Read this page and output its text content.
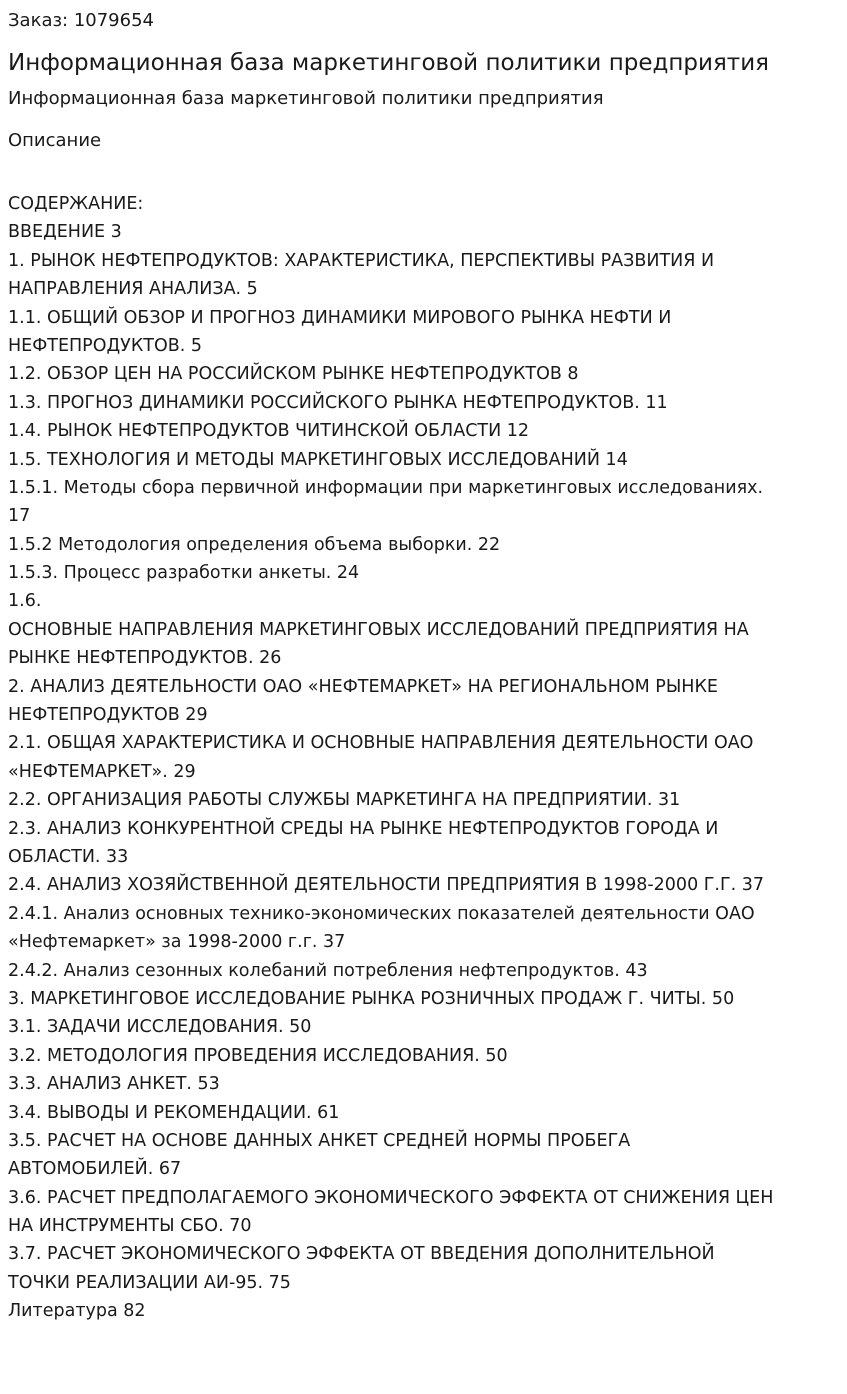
Заказ: 1079654
Информационная база маркетинговой политики предприятия
Информационная база маркетинговой политики предприятия
Описание
СОДЕРЖАНИЕ:
ВВЕДЕНИЕ 3
1. РЫНОК НЕФТЕПРОДУКТОВ: ХАРАКТЕРИСТИКА, ПЕРСПЕКТИВЫ РАЗВИТИЯ И
НАПРАВЛЕНИЯ АНАЛИЗА. 5
1.1. ОБЩИЙ ОБЗОР И ПРОГНОЗ ДИНАМИКИ МИРОВОГО РЫНКА НЕФТИ И
НЕФТЕПРОДУКТОВ. 5
1.2. ОБЗОР ЦЕН НА РОССИЙСКОМ РЫНКЕ НЕФТЕПРОДУКТОВ 8
1.3. ПРОГНОЗ ДИНАМИКИ РОССИЙСКОГО РЫНКА НЕФТЕПРОДУКТОВ. 11
1.4. РЫНОК НЕФТЕПРОДУКТОВ ЧИТИНСКОЙ ОБЛАСТИ 12
1.5. ТЕХНОЛОГИЯ И МЕТОДЫ МАРКЕТИНГОВЫХ ИССЛЕДОВАНИЙ 14
1.5.1. Методы сбора первичной информации при маркетинговых исследованиях.
17
1.5.2 Методология определения объема выборки. 22
1.5.3. Процесс разработки анкеты. 24
1.6.
ОСНОВНЫЕ НАПРАВЛЕНИЯ МАРКЕТИНГОВЫХ ИССЛЕДОВАНИЙ ПРЕДПРИЯТИЯ НА
РЫНКЕ НЕФТЕПРОДУКТОВ. 26
2. АНАЛИЗ ДЕЯТЕЛЬНОСТИ ОАО «НЕФТЕМАРКЕТ» НА РЕГИОНАЛЬНОМ РЫНКЕ
НЕФТЕПРОДУКТОВ 29
2.1. ОБЩАЯ ХАРАКТЕРИСТИКА И ОСНОВНЫЕ НАПРАВЛЕНИЯ ДЕЯТЕЛЬНОСТИ ОАО
«НЕФТЕМАРКЕТ». 29
2.2. ОРГАНИЗАЦИЯ РАБОТЫ СЛУЖБЫ МАРКЕТИНГА НА ПРЕДПРИЯТИИ. 31
2.3. АНАЛИЗ КОНКУРЕНТНОЙ СРЕДЫ НА РЫНКЕ НЕФТЕПРОДУКТОВ ГОРОДА И
ОБЛАСТИ. 33
2.4. АНАЛИЗ ХОЗЯЙСТВЕННОЙ ДЕЯТЕЛЬНОСТИ ПРЕДПРИЯТИЯ В 1998-2000 Г.Г. 37
2.4.1. Анализ основных технико-экономических показателей деятельности ОАО
«Нефтемаркет» за 1998-2000 г.г. 37
2.4.2. Анализ сезонных колебаний потребления нефтепродуктов. 43
3. МАРКЕТИНГОВОЕ ИССЛЕДОВАНИЕ РЫНКА РОЗНИЧНЫХ ПРОДАЖ Г. ЧИТЫ. 50
3.1. ЗАДАЧИ ИССЛЕДОВАНИЯ. 50
3.2. МЕТОДОЛОГИЯ ПРОВЕДЕНИЯ ИССЛЕДОВАНИЯ. 50
3.3. АНАЛИЗ АНКЕТ. 53
3.4. ВЫВОДЫ И РЕКОМЕНДАЦИИ. 61
3.5. РАСЧЕТ НА ОСНОВЕ ДАННЫХ АНКЕТ СРЕДНЕЙ НОРМЫ ПРОБЕГА
АВТОМОБИЛЕЙ. 67
3.6. РАСЧЕТ ПРЕДПОЛАГАЕМОГО ЭКОНОМИЧЕСКОГО ЭФФЕКТА ОТ СНИЖЕНИЯ ЦЕН
НА ИНСТРУМЕНТЫ СБО. 70
3.7. РАСЧЕТ ЭКОНОМИЧЕСКОГО ЭФФЕКТА ОТ ВВЕДЕНИЯ ДОПОЛНИТЕЛЬНОЙ
ТОЧКИ РЕАЛИЗАЦИИ АИ-95. 75
Литература 82
